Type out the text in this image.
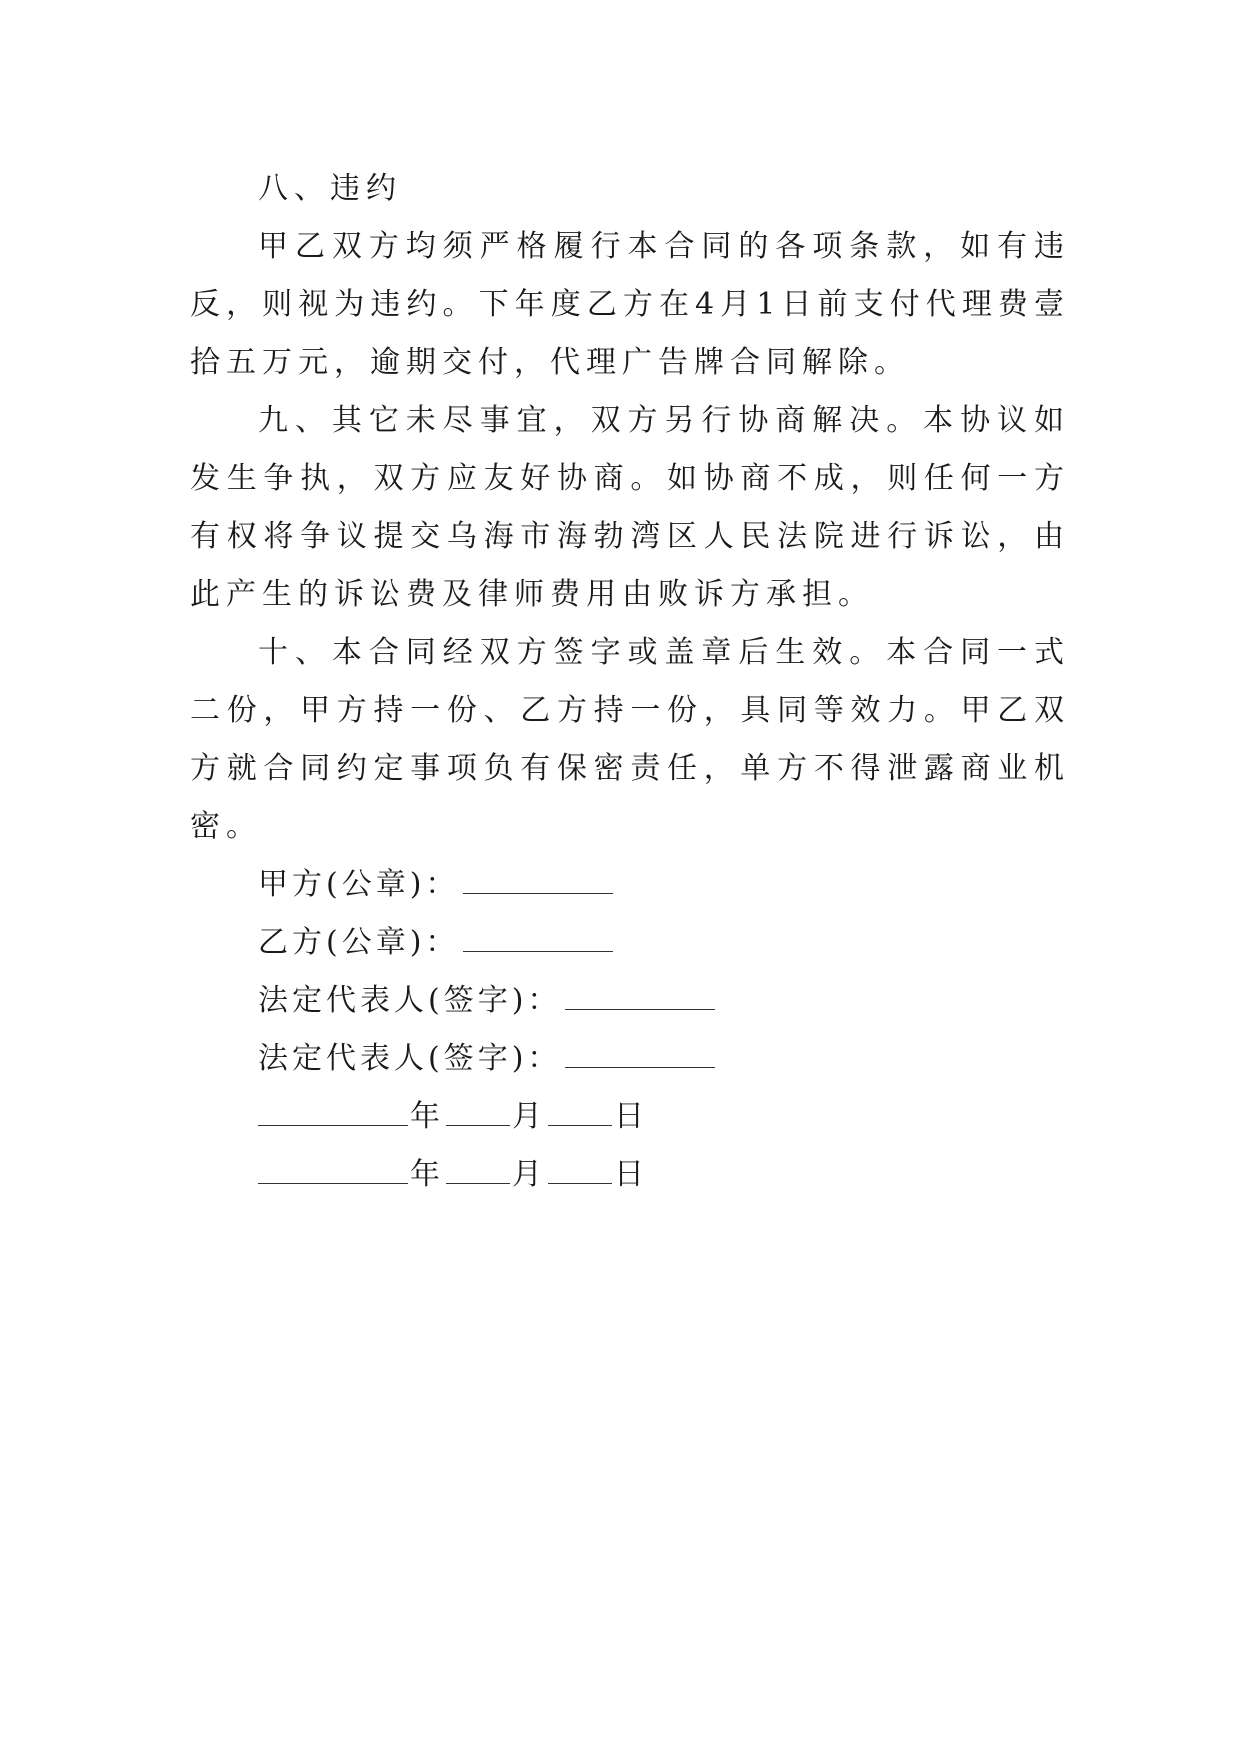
八、违约

甲乙双方均须严格履行本合同的各项条款，如有违反，则视为违约。下年度乙方在4月1日前支付代理费壹拾五万元，逾期交付，代理广告牌合同解除。

九、其它未尽事宜，双方另行协商解决。本协议如发生争执，双方应友好协商。如协商不成，则任何一方有权将争议提交乌海市海勃湾区人民法院进行诉讼，由此产生的诉讼费及律师费用由败诉方承担。

十、本合同经双方签字或盖章后生效。本合同一式二份，甲方持一份、乙方持一份，具同等效力。甲乙双方就合同约定事项负有保密责任，单方不得泄露商业机密。

甲方(公章)：
乙方(公章)：
法定代表人(签字)：
法定代表人(签字)：
年 月 日
年 月 日
